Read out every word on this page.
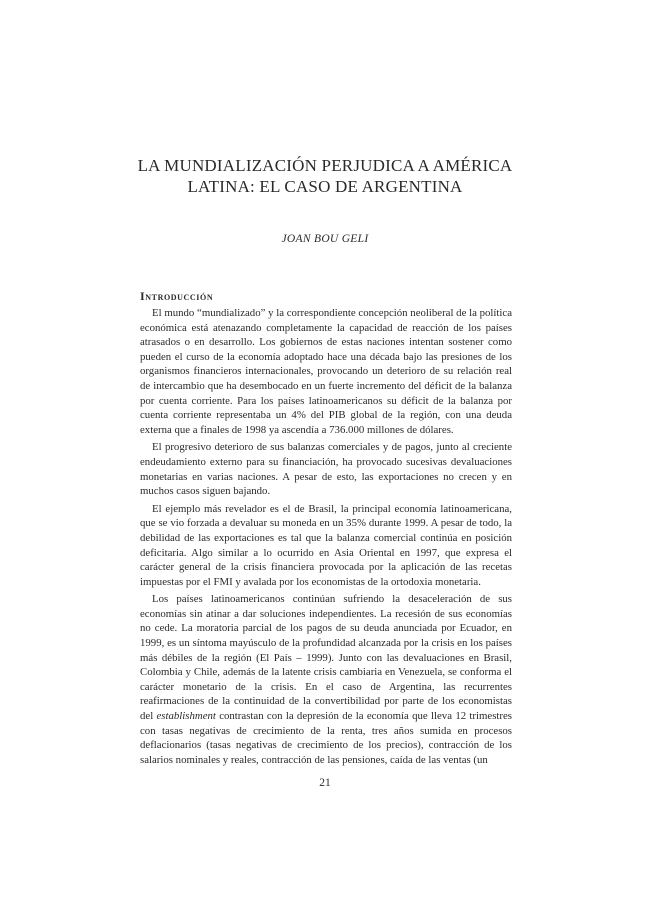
LA MUNDIALIZACIÓN PERJUDICA A AMÉRICA
LATINA: EL CASO DE ARGENTINA
JOAN BOU GELI
Introducción

El mundo “mundializado” y la correspondiente concepción neoliberal de la política económica está atenazando completamente la capacidad de reacción de los países atrasados o en desarrollo. Los gobiernos de estas naciones intentan sostener como pueden el curso de la economía adoptado hace una década bajo las presiones de los organismos financieros internacionales, provocando un deterioro de su relación real de intercambio que ha desembocado en un fuerte incremento del déficit de la balanza por cuenta corriente. Para los países latinoamericanos su déficit de la balanza por cuenta corriente representaba un 4% del PIB global de la región, con una deuda externa que a finales de 1998 ya ascendía a 736.000 millones de dólares.

El progresivo deterioro de sus balanzas comerciales y de pagos, junto al creciente endeudamiento externo para su financiación, ha provocado sucesivas devaluaciones monetarias en varias naciones. A pesar de esto, las exportaciones no crecen y en muchos casos siguen bajando.

El ejemplo más revelador es el de Brasil, la principal economía latinoamericana, que se vio forzada a devaluar su moneda en un 35% durante 1999. A pesar de todo, la debilidad de las exportaciones es tal que la balanza comercial continúa en posición deficitaria. Algo similar a lo ocurrido en Asia Oriental en 1997, que expresa el carácter general de la crisis financiera provocada por la aplicación de las recetas impuestas por el FMI y avalada por los economistas de la ortodoxia monetaria.

Los países latinoamericanos continúan sufriendo la desaceleración de sus economías sin atinar a dar soluciones independientes. La recesión de sus economías no cede. La moratoria parcial de los pagos de su deuda anunciada por Ecuador, en 1999, es un síntoma mayúsculo de la profundidad alcanzada por la crisis en los países más débiles de la región (El País – 1999). Junto con las devaluaciones en Brasil, Colombia y Chile, además de la latente crisis cambiaria en Venezuela, se conforma el carácter monetario de la crisis. En el caso de Argentina, las recurrentes reafirmaciones de la continuidad de la convertibilidad por parte de los economistas del establishment contrastan con la depresión de la economía que lleva 12 trimestres con tasas negativas de crecimiento de la renta, tres años sumida en procesos deflacionarios (tasas negativas de crecimiento de los precios), contracción de los salarios nominales y reales, contracción de las pensiones, caída de las ventas (un

21
